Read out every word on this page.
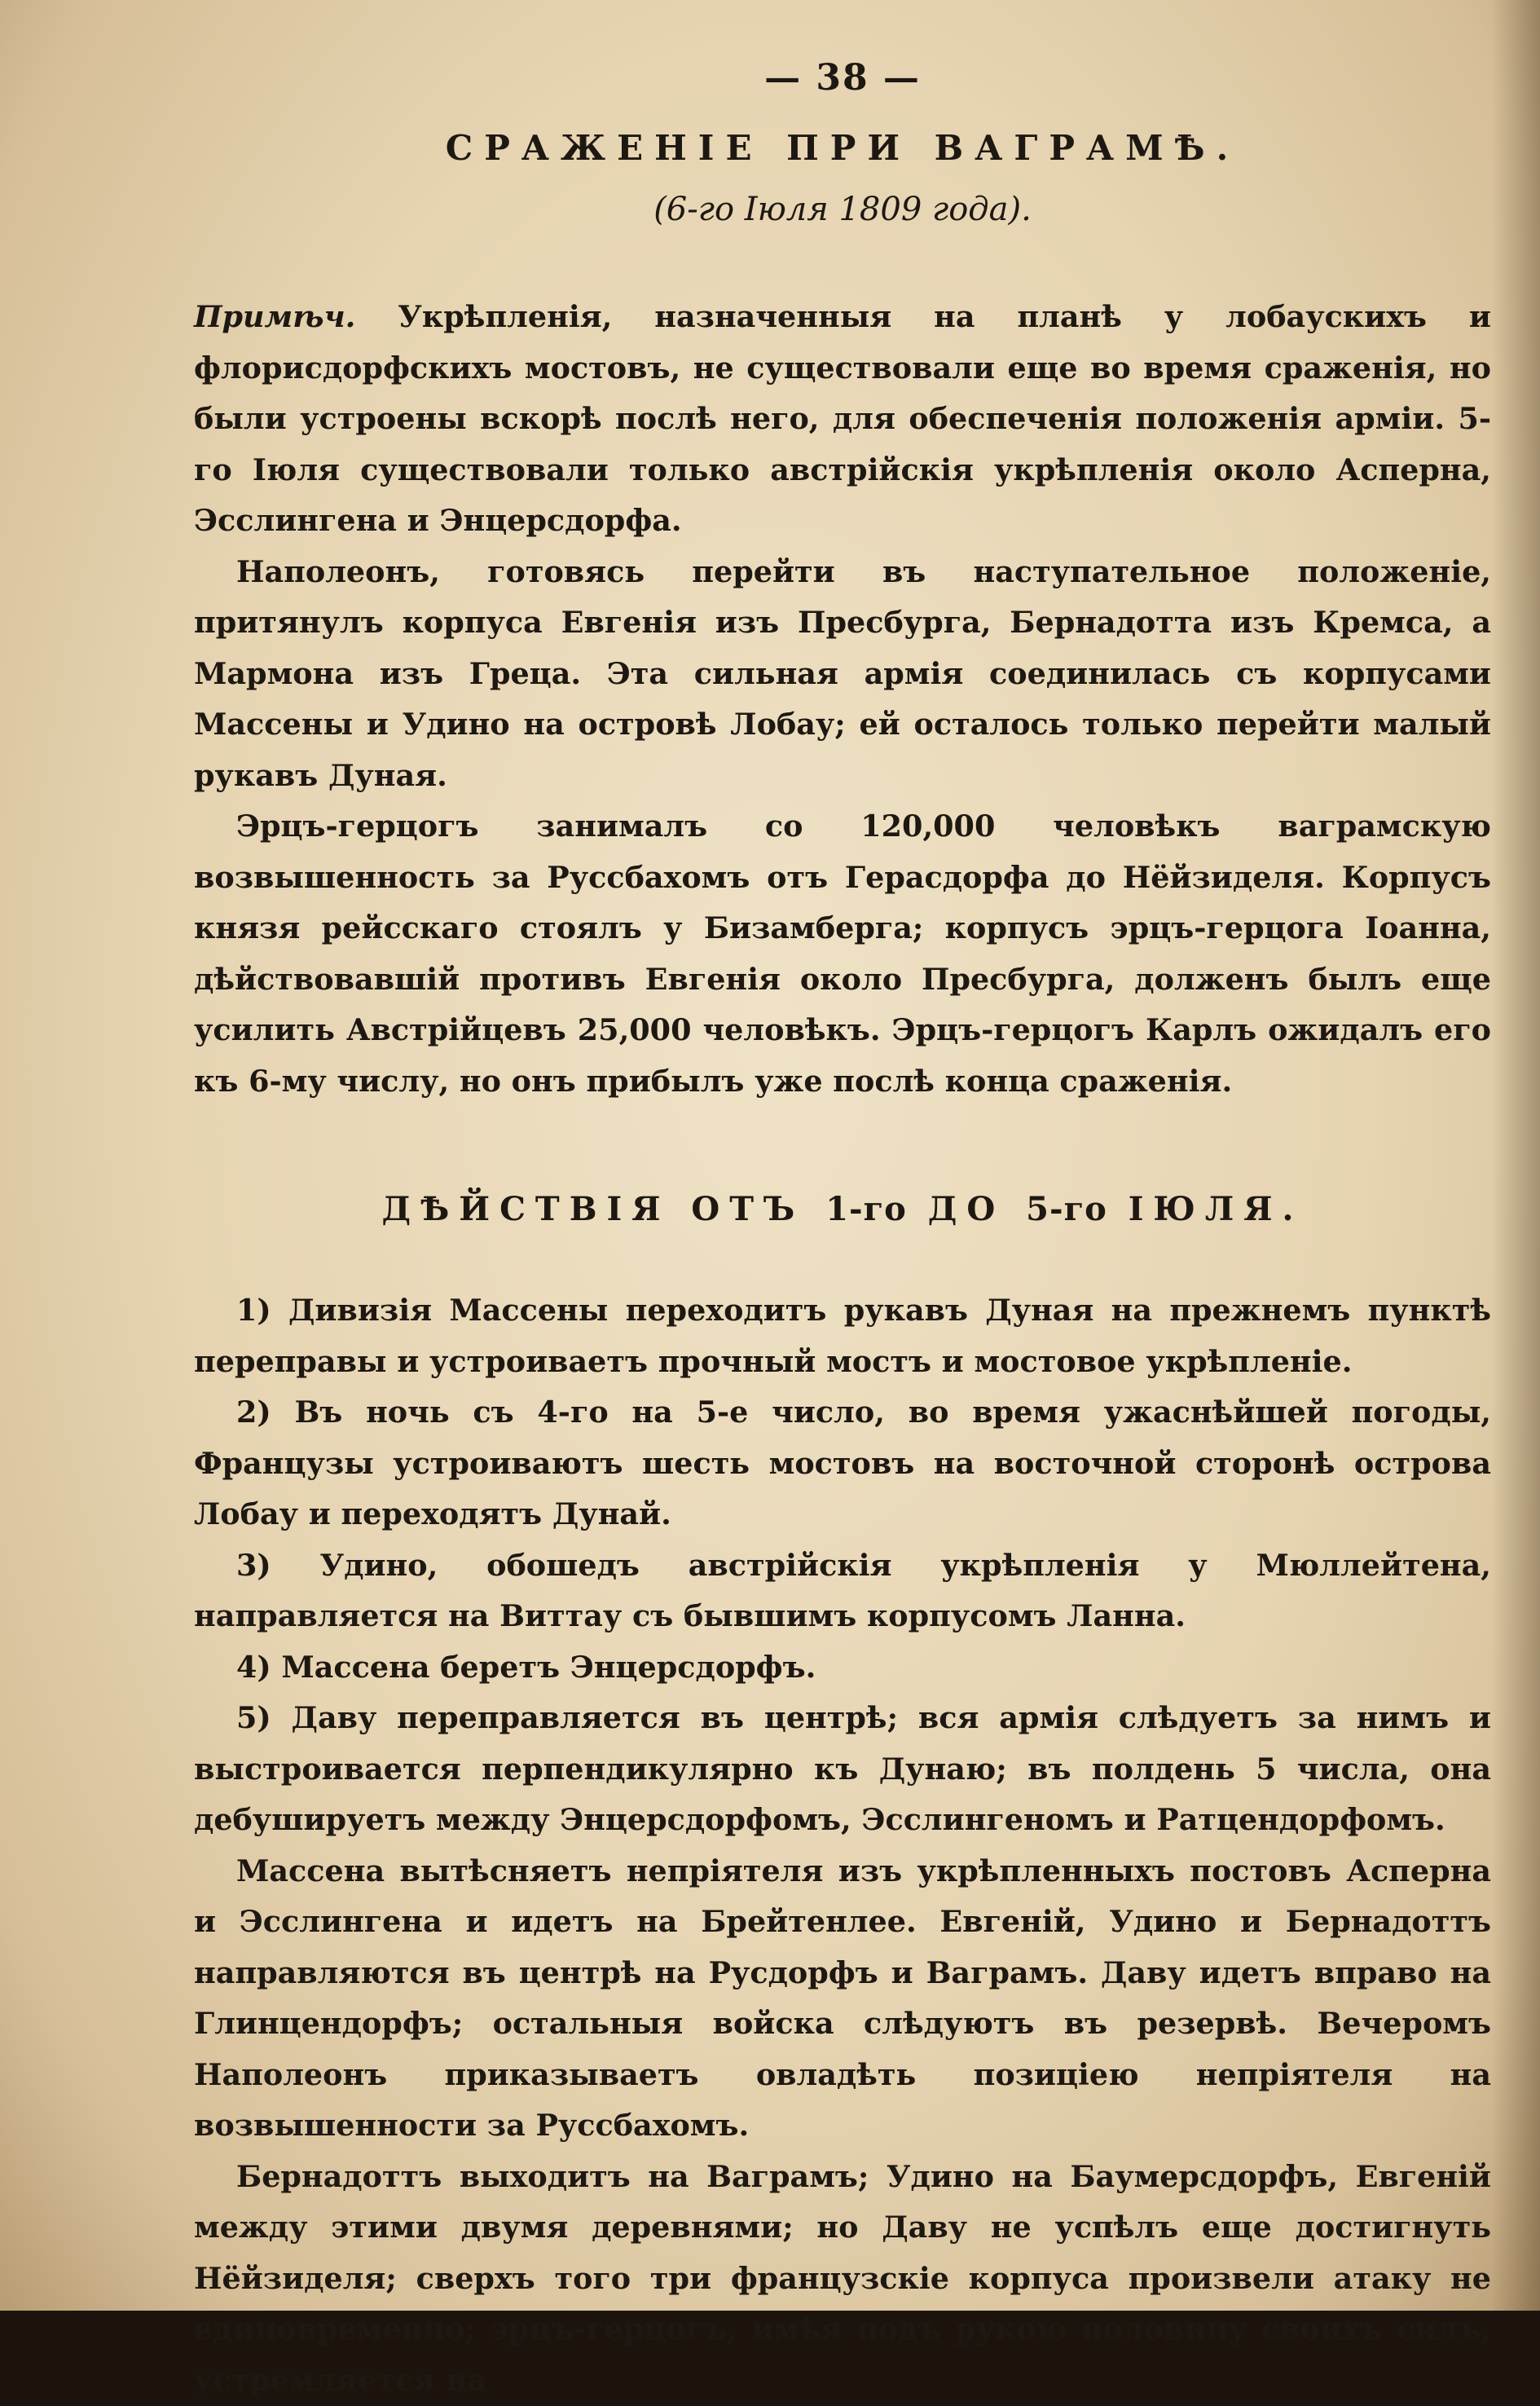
— 38 —
СРАЖЕНІЕ ПРИ ВАГРАМѢ.
(6-го Іюля 1809 года).

Примѣч. Укрѣпленія, назначенныя на планѣ у лобаускихъ и флорисдорфскихъ мостовъ, не существовали еще во время сраженія, но были устроены вскорѣ послѣ него, для обеспеченія положенія арміи. 5-го Іюля существовали только австрійскія укрѣпленія около Асперна, Эсслингена и Энцерсдорфа.

Наполеонъ, готовясь перейти въ наступательное положеніе, притянулъ корпуса Евгенія изъ Пресбурга, Бернадотта изъ Кремса, а Мармона изъ Греца. Эта сильная армія соединилась съ корпусами Массены и Удино на островѣ Лобау; ей осталось только перейти малый рукавъ Дуная.

Эрцъ-герцогъ занималъ со 120,000 человѣкъ ваграмскую возвышенность за Руссбахомъ отъ Герасдорфа до Нёйзиделя. Корпусъ князя рейсскаго стоялъ у Бизамберга; корпусъ эрцъ-герцога Іоанна, дѣйствовавшій противъ Евгенія около Пресбурга, долженъ былъ еще усилить Австрійцевъ 25,000 человѣкъ. Эрцъ-герцогъ Карлъ ожидалъ его къ 6-му числу, но онъ прибылъ уже послѣ конца сраженія.

ДѢЙСТВІЯ ОТЪ 1-го ДО 5-го ІЮЛЯ.

1) Дивизія Массены переходитъ рукавъ Дуная на прежнемъ пунктѣ переправы и устроиваетъ прочный мостъ и мостовое укрѣпленіе.

2) Въ ночь съ 4-го на 5-е число, во время ужаснѣйшей погоды, Французы устроиваютъ шесть мостовъ на восточной сторонѣ острова Лобау и переходятъ Дунай.

3) Удино, обошедъ австрійскія укрѣпленія у Мюллейтена, направляется на Виттау съ бывшимъ корпусомъ Ланна.

4) Массена беретъ Энцерсдорфъ.

5) Даву переправляется въ центрѣ; вся армія слѣдуетъ за нимъ и выстроивается перпендикулярно къ Дунаю; въ полдень 5 числа, она дебушируетъ между Энцерсдорфомъ, Эсслингеномъ и Ратцендорфомъ.

Массена вытѣсняетъ непріятеля изъ укрѣпленныхъ постовъ Асперна и Эсслингена и идетъ на Брейтенлее. Евгеній, Удино и Бернадоттъ направляются въ центрѣ на Русдорфъ и Ваграмъ. Даву идетъ вправо на Глинцендорфъ; остальныя войска слѣдуютъ въ резервѣ. Вечеромъ Наполеонъ приказываетъ овладѣть позицiею непріятеля на возвышенности за Руссбахомъ.

Бернадоттъ выходитъ на Ваграмъ; Удино на Баумерсдорфъ, Евгеній между этими двумя деревнями; но Даву не успѣлъ еще достигнуть Нёйзиделя; сверхъ того три французскіе корпуса произвели атаку не единовременно; эрцъ-герцогъ, имѣя подъ рукою половину своихъ силъ, устремляется на
